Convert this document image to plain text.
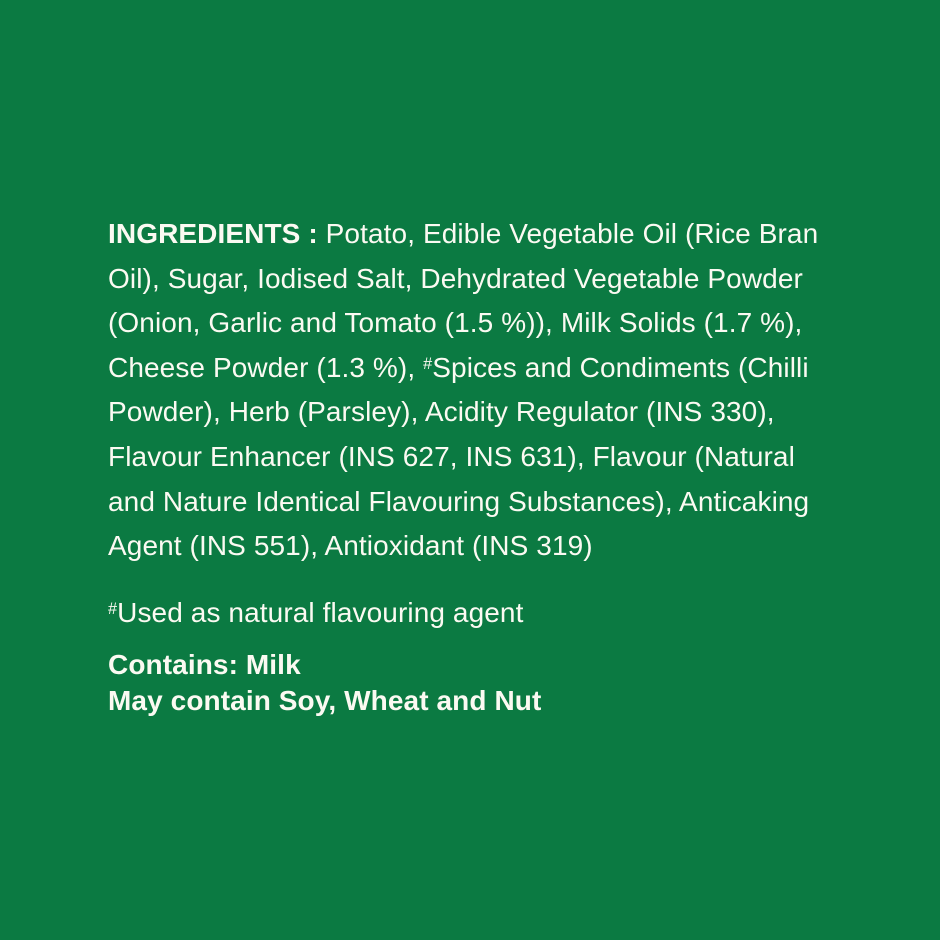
INGREDIENTS : Potato, Edible Vegetable Oil (Rice Bran
Oil), Sugar, Iodised Salt, Dehydrated Vegetable Powder
(Onion, Garlic and Tomato (1.5 %)), Milk Solids (1.7 %),
Cheese Powder (1.3 %), #Spices and Condiments (Chilli
Powder), Herb (Parsley), Acidity Regulator (INS 330),
Flavour Enhancer (INS 627, INS 631), Flavour (Natural
and Nature Identical Flavouring Substances), Anticaking
Agent (INS 551), Antioxidant (INS 319)

#Used as natural flavouring agent

Contains: Milk

May contain Soy, Wheat and Nut
